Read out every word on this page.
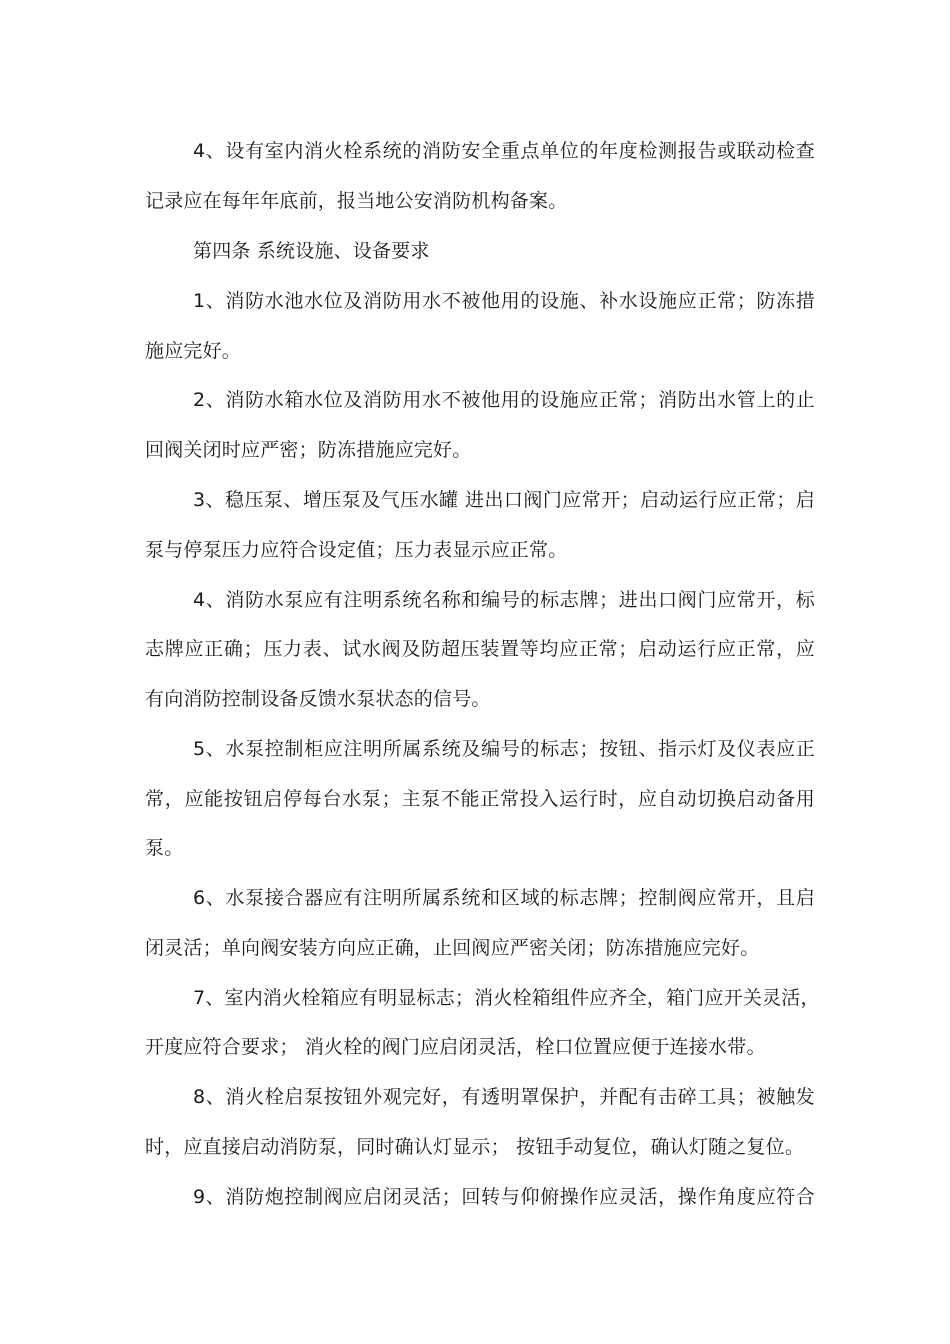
4、设有室内消火栓系统的消防安全重点单位的年度检测报告或联动检查
记录应在每年年底前，报当地公安消防机构备案。
第四条 系统设施、设备要求
1、消防水池水位及消防用水不被他用的设施、补水设施应正常；防冻措
施应完好。
2、消防水箱水位及消防用水不被他用的设施应正常；消防出水管上的止
回阀关闭时应严密；防冻措施应完好。
3、稳压泵、增压泵及气压水罐 进出口阀门应常开；启动运行应正常；启
泵与停泵压力应符合设定值；压力表显示应正常。
4、消防水泵应有注明系统名称和编号的标志牌；进出口阀门应常开，标
志牌应正确；压力表、试水阀及防超压装置等均应正常；启动运行应正常，应
有向消防控制设备反馈水泵状态的信号。
5、水泵控制柜应注明所属系统及编号的标志；按钮、指示灯及仪表应正
常，应能按钮启停每台水泵；主泵不能正常投入运行时，应自动切换启动备用
泵。
6、水泵接合器应有注明所属系统和区域的标志牌；控制阀应常开，且启
闭灵活；单向阀安装方向应正确，止回阀应严密关闭；防冻措施应完好。
7、室内消火栓箱应有明显标志；消火栓箱组件应齐全，箱门应开关灵活，
开度应符合要求； 消火栓的阀门应启闭灵活，栓口位置应便于连接水带。
8、消火栓启泵按钮外观完好，有透明罩保护，并配有击碎工具；被触发
时，应直接启动消防泵，同时确认灯显示； 按钮手动复位，确认灯随之复位。
9、消防炮控制阀应启闭灵活；回转与仰俯操作应灵活，操作角度应符合
